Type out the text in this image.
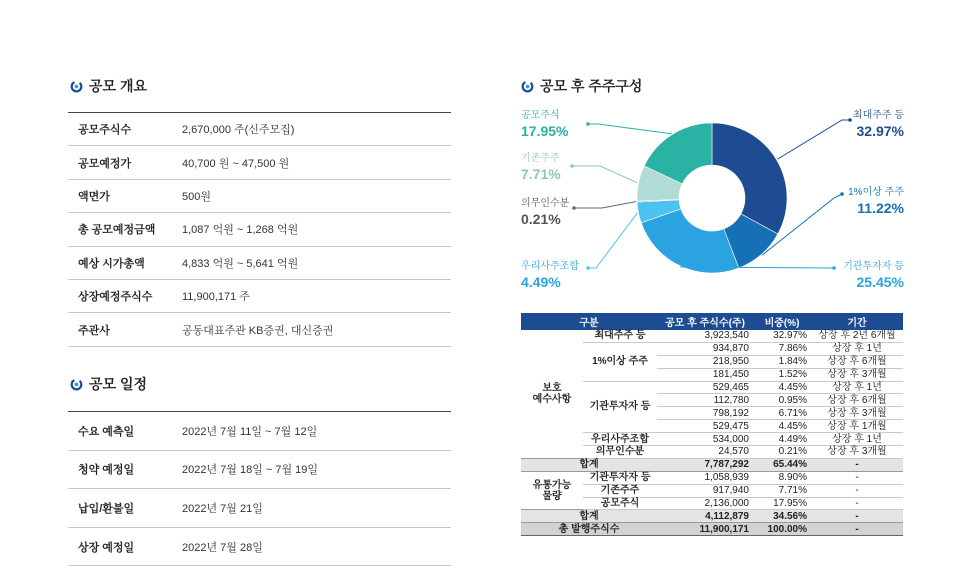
공모 개요
공모주식수	2,670,000 주(신주모집)
공모예정가	40,700 원 ~ 47,500 원
액면가	500원
총 공모예정금액	1,087 억원 ~ 1,268 억원
예상 시가총액	4,833 억원 ~ 5,641 억원
상장예정주식수	11,900,171 주
주관사	공동대표주관 KB증권, 대신증권
공모 일정
수요 예측일	2022년 7월 11일 ~ 7월 12일
청약 예정일	2022년 7월 18일 ~ 7월 19일
납입/환불일	2022년 7월 21일
상장 예정일	2022년 7월 28일
공모 후 주주구성
공모주식
17.95%
기존주주
7.71%
의무인수분
0.21%
우리사주조합
4.49%
최대주주 등
32.97%
1%이상 주주
11.22%
기관투자자 등
25.45%
구분		공모 후 주식수(주)	비중(%)	기간
보호
예수사항	최대주주 등	3,923,540	32.97%	상장 후 2년 6개월
	1%이상 주주	934,870	7.86%	상장 후 1년
		218,950	1.84%	상장 후 6개월
		181,450	1.52%	상장 후 3개월
	기관투자자 등	529,465	4.45%	상장 후 1년
		112,780	0.95%	상장 후 6개월
		798,192	6.71%	상장 후 3개월
		529,475	4.45%	상장 후 1개월
	우리사주조합	534,000	4.49%	상장 후 1년
	의무인수분	24,570	0.21%	상장 후 3개월
합계		7,787,292	65.44%	-
유통가능
물량	기관투자자 등	1,058,939	8.90%	-
	기존주주	917,940	7.71%	-
	공모주식	2,136,000	17.95%	-
합계		4,112,879	34.56%	-
총 발행주식수		11,900,171	100.00%	-
